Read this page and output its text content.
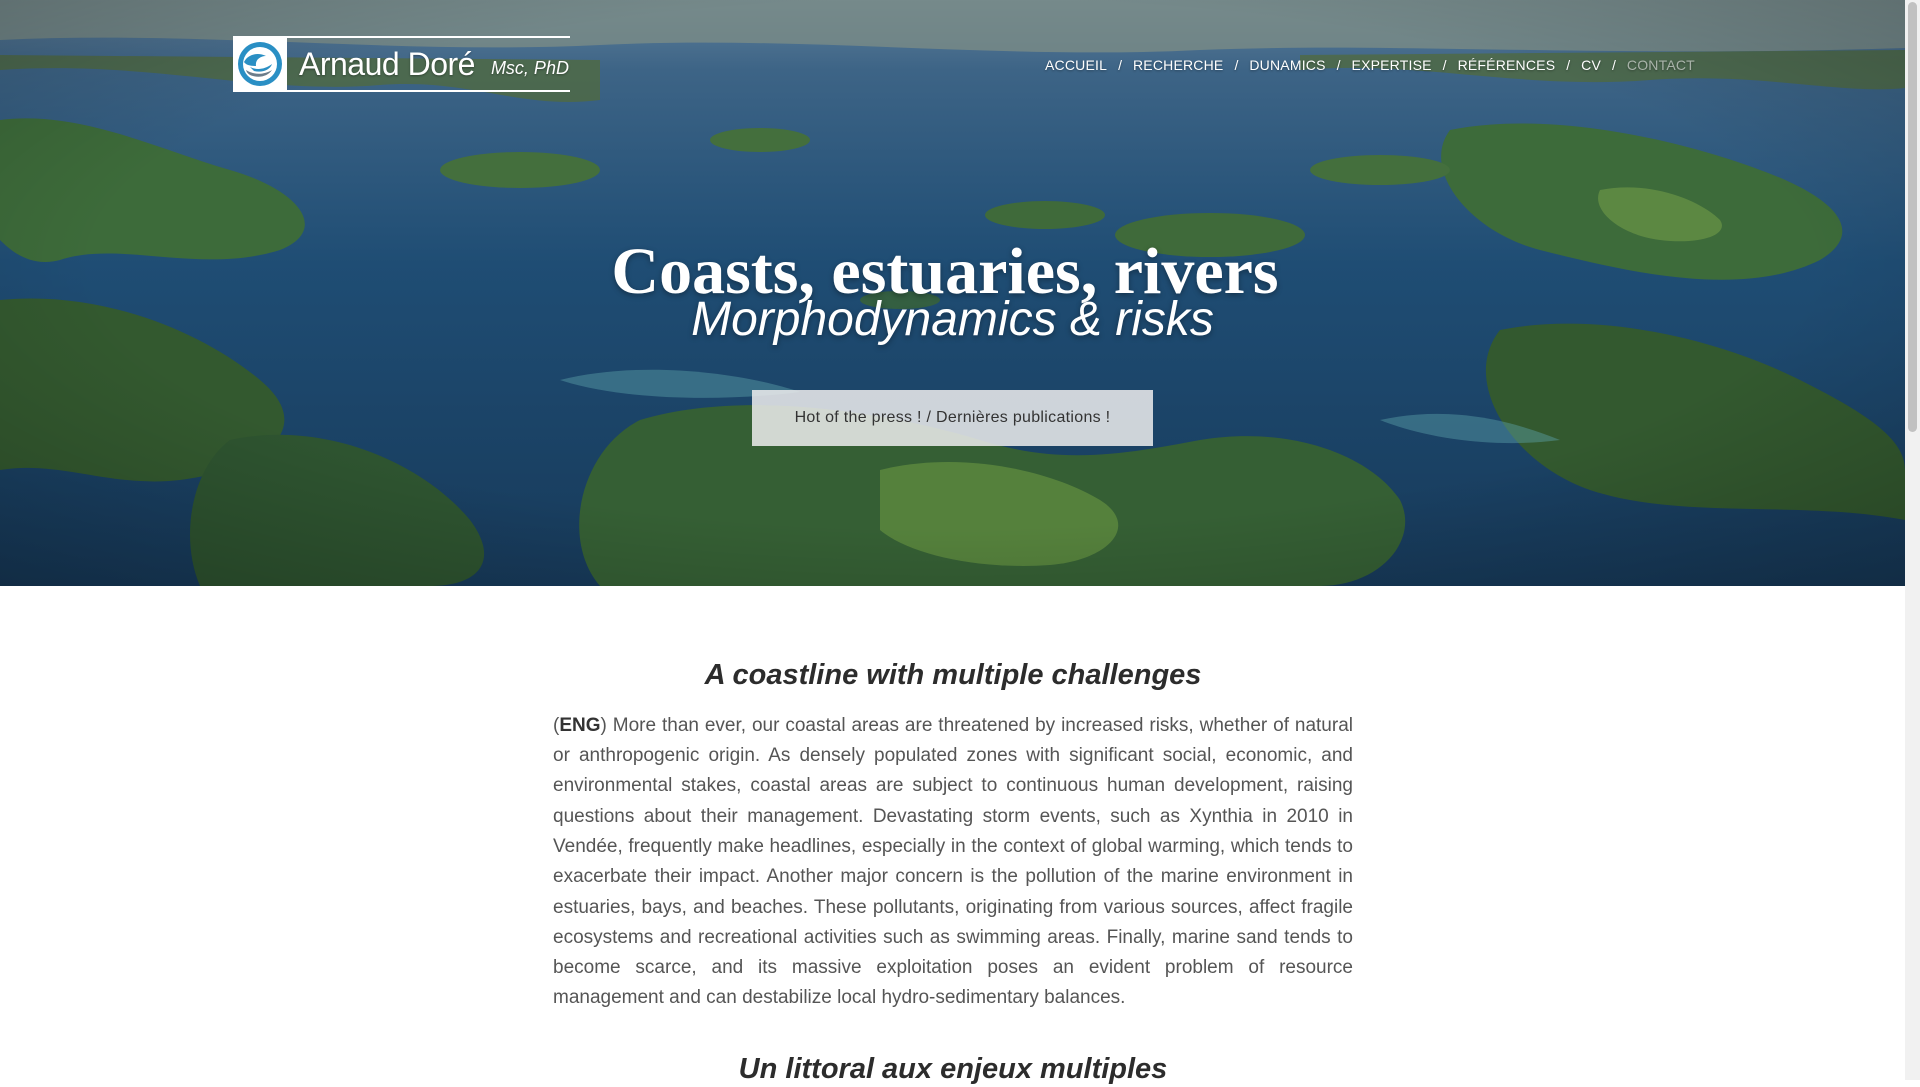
Arnaud Doré Msc, PhD	ACCUEIL / RECHERCHE / DUNAMICS / EXPERTISE / RÉFÉRENCES / CV / CONTACT
Coasts, estuaries, rivers
Morphodynamics & risks
Hot of the press ! / Dernières publications !
A coastline with multiple challenges

(ENG) More than ever, our coastal areas are threatened by increased risks, whether of natural or anthropogenic origin. As densely populated zones with significant social, economic, and environmental stakes, coastal areas are subject to continuous human development, raising questions about their management. Devastating storm events, such as Xynthia in 2010 in Vendée, frequently make headlines, especially in the context of global warming, which tends to exacerbate their impact. Another major concern is the pollution of the marine environment in estuaries, bays, and beaches. These pollutants, originating from various sources, affect fragile ecosystems and recreational activities such as swimming areas. Finally, marine sand tends to become scarce, and its massive exploitation poses an evident problem of resource management and can destabilize local hydro-sedimentary balances.

Un littoral aux enjeux multiples
